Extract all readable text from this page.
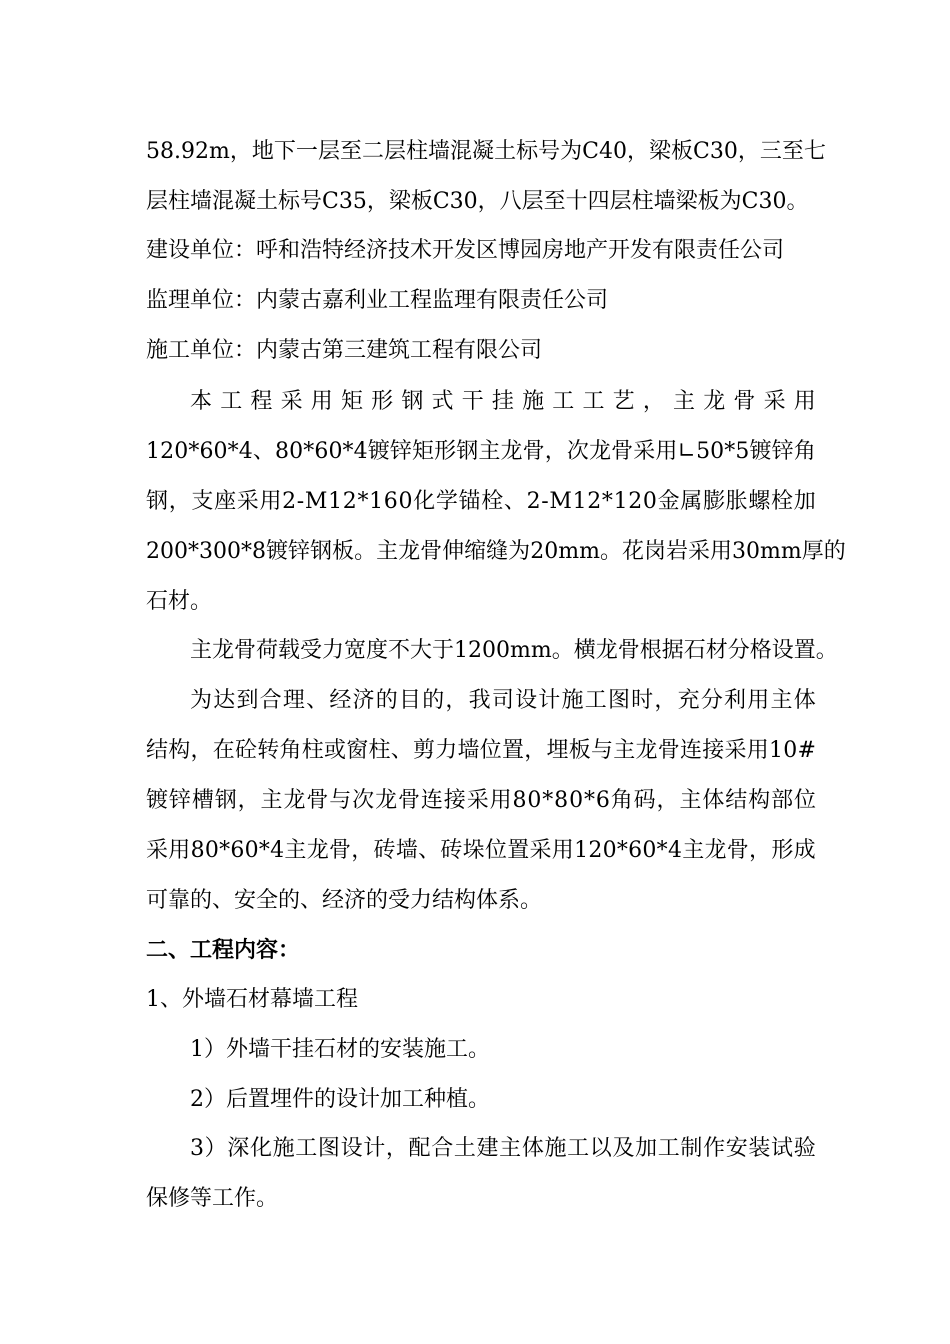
5 8 . 9 2 m ， 地 下 一 层 至 二 层 柱 墙 混 凝 土 标 号 为 C 4 0 ， 梁 板 C 3 0 ， 三 至 七
层柱墙混凝土标号C35，梁板C30，八层至十四层柱墙梁板为C30。
建设单位：呼和浩特经济技术开发区博园房地产开发有限责任公司
监理单位：内蒙古嘉利业工程监理有限责任公司
施工单位：内蒙古第三建筑工程有限公司
本 工 程 采 用 矩 形 钢 式 干 挂 施 工 工 艺 ， 主 龙 骨 采 用
1 2 0 * 6 0 * 4 、 8 0 * 6 0 * 4 镀 锌 矩 形 钢 主 龙 骨 ， 次 龙 骨 采 用 ∟ 5 0 * 5 镀 锌 角
钢 ， 支 座 采 用 2 - M 1 2 * 1 6 0 化 学 锚 栓 、 2 - M 1 2 * 1 2 0 金 属 膨 胀 螺 栓 加
2 0 0 * 3 0 0 * 8 镀 锌 钢 板 。 主 龙 骨 伸 缩 缝 为 2 0 m m 。 花 岗 岩 采 用 3 0 m m 厚 的
石材。
主龙骨荷载受力宽度不大于1200mm。横龙骨根据石材分格设置。
为 达 到 合 理 、 经 济 的 目 的 ， 我 司 设 计 施 工 图 时 ， 充 分 利 用 主 体
结 构 ， 在 砼 转 角 柱 或 窗 柱 、 剪 力 墙 位 置 ， 埋 板 与 主 龙 骨 连 接 采 用 1 0 #
镀 锌 槽 钢 ， 主 龙 骨 与 次 龙 骨 连 接 采 用 8 0 * 8 0 * 6 角 码 ， 主 体 结 构 部 位
采 用 8 0 * 6 0 * 4 主 龙 骨 ， 砖 墙 、 砖 垛 位 置 采 用 1 2 0 * 6 0 * 4 主 龙 骨 ， 形 成
可靠的、安全的、经济的受力结构体系。
二、工程内容：
1、外墙石材幕墙工程
1）外墙干挂石材的安装施工。
2）后置埋件的设计加工种植。
3 ） 深 化 施 工 图 设 计 ， 配 合 土 建 主 体 施 工 以 及 加 工 制 作 安 装 试 验
保修等工作。
